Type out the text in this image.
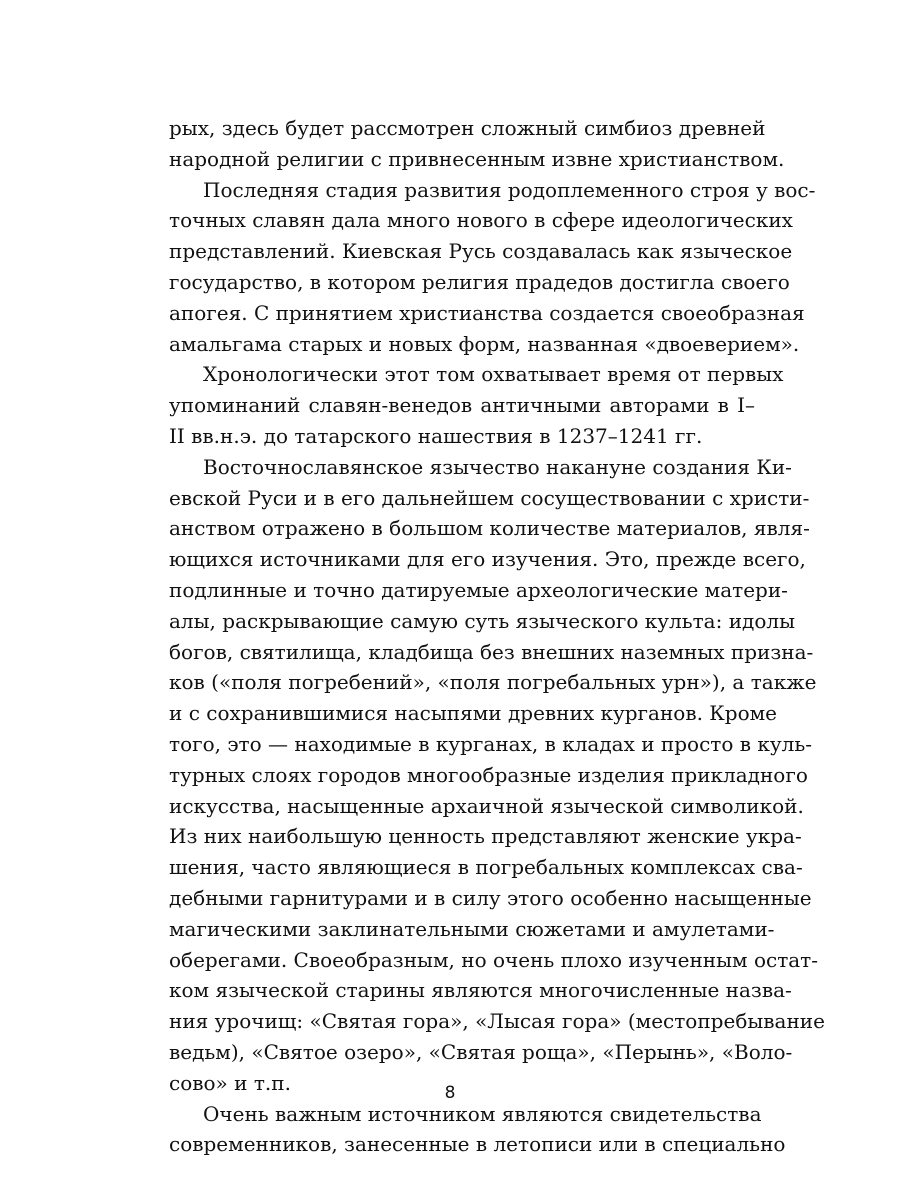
рых, здесь будет рассмотрен сложный симбиоз древней
народной религии с привнесенным извне христианством.
Последняя стадия развития родоплеменного строя у вос-
точных славян дала много нового в сфере идеологических
представлений. Киевская Русь создавалась как языческое
государство, в котором религия прадедов достигла своего
апогея. С принятием христианства создается своеобразная
амальгама старых и новых форм, названная «двоеверием».
Хронологически этот том охватывает время от первых
упоминаний славян-венедов античными авторами в I–
II вв.н.э. до татарского нашествия в 1237–1241 гг.
Восточнославянское язычество накануне создания Ки-
евской Руси и в его дальнейшем сосуществовании с христи-
анством отражено в большом количестве материалов, явля-
ющихся источниками для его изучения. Это, прежде всего,
подлинные и точно датируемые археологические матери-
алы, раскрывающие самую суть языческого культа: идолы
богов, святилища, кладбища без внешних наземных призна-
ков («поля погребений», «поля погребальных урн»), а также
и с сохранившимися насыпями древних курганов. Кроме
того, это — находимые в курганах, в кладах и просто в куль-
турных слоях городов многообразные изделия прикладного
искусства, насыщенные архаичной языческой символикой.
Из них наибольшую ценность представляют женские укра-
шения, часто являющиеся в погребальных комплексах сва-
дебными гарнитурами и в силу этого особенно насыщенные
магическими заклинательными сюжетами и амулетами-
оберегами. Своеобразным, но очень плохо изученным остат-
ком языческой старины являются многочисленные назва-
ния урочищ: «Святая гора», «Лысая гора» (местопребывание
ведьм), «Святое озеро», «Святая роща», «Перынь», «Воло-
сово» и т.п.
Очень важным источником являются свидетельства
современников, занесенные в летописи или в специально
8
